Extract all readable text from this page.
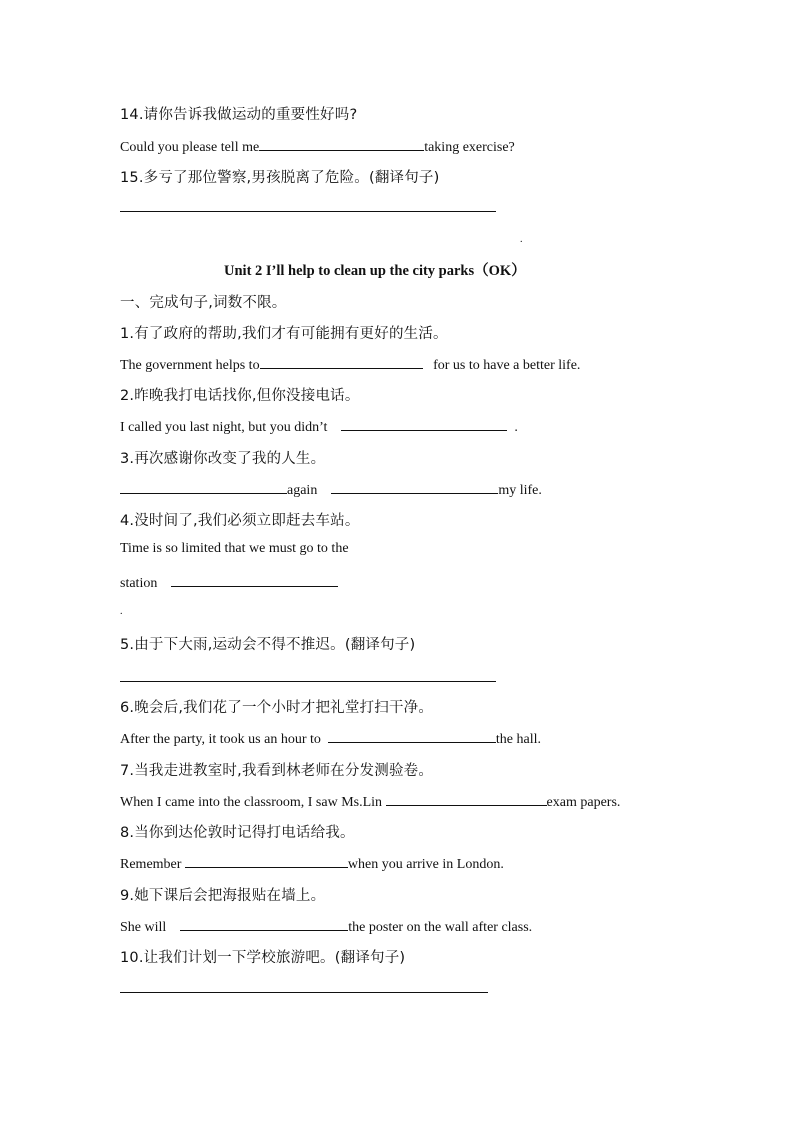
14.请你告诉我做运动的重要性好吗?
Could you please tell me	taking exercise?
15.多亏了那位警察,男孩脱离了危险。(翻译句子)
.
Unit 2 I’ll help to clean up the city parks（OK）
一、完成句子,词数不限。
1.有了政府的帮助,我们才有可能拥有更好的生活。
The government helps to	for us to have a better life.
2.昨晚我打电话找你,但你没接电话。
I called you last night, but you didn’t	.
3.再次感谢你改变了我的人生。
again	my life.
4.没时间了,我们必须立即赶去车站。
Time is so limited that we must go to the
station
.
5.由于下大雨,运动会不得不推迟。(翻译句子)
6.晚会后,我们花了一个小时才把礼堂打扫干净。
After the party, it took us an hour to	the hall.
7.当我走进教室时,我看到林老师在分发测验卷。
When I came into the classroom, I saw Ms.Lin	exam papers.
8.当你到达伦敦时记得打电话给我。
Remember	when you arrive in London.
9.她下课后会把海报贴在墙上。
She will	the poster on the wall after class.
10.让我们计划一下学校旅游吧。(翻译句子)
